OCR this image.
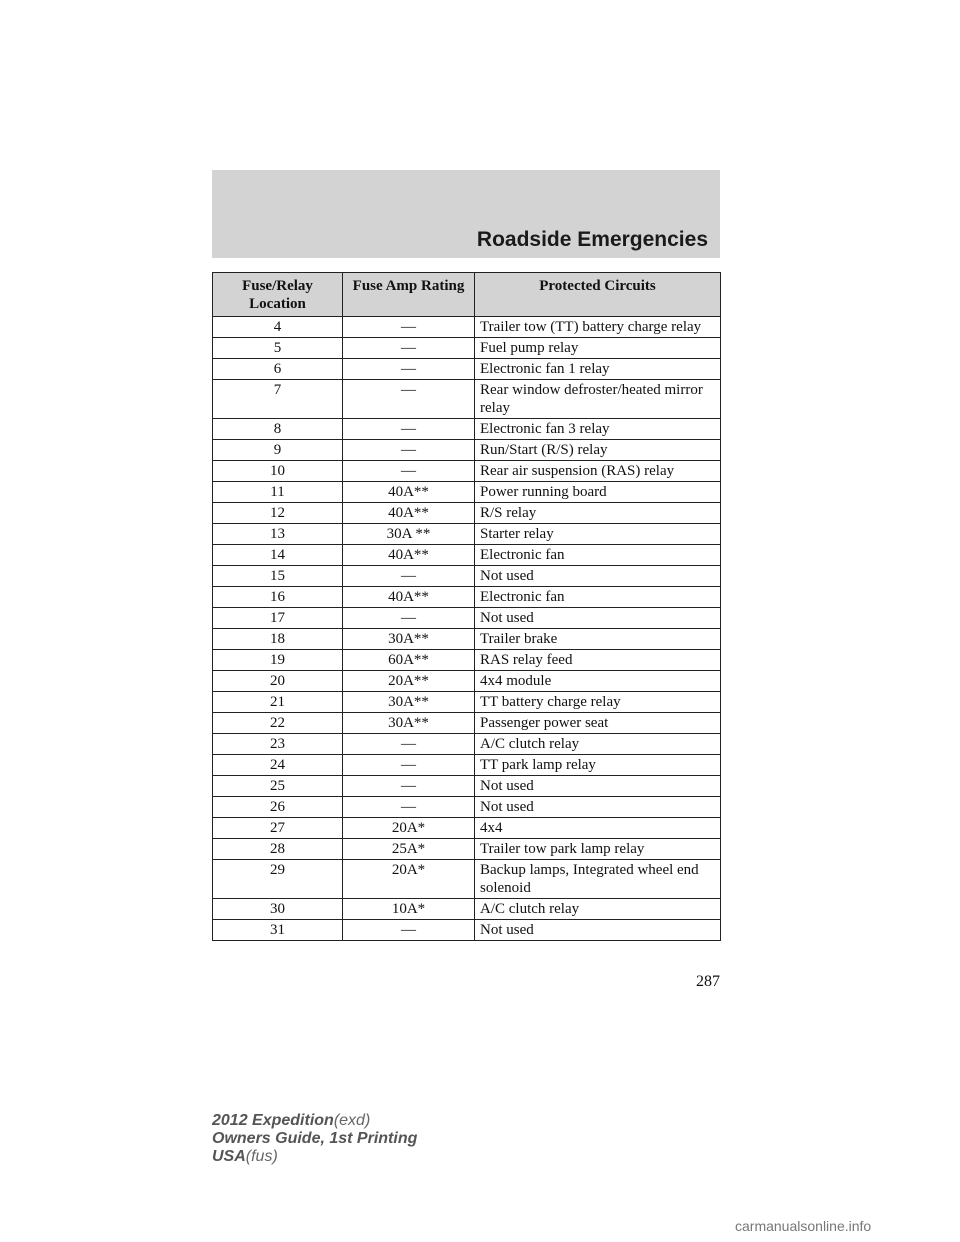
Roadside Emergencies
Fuse/Relay Location	Fuse Amp Rating	Protected Circuits
4	—	Trailer tow (TT) battery charge relay
5	—	Fuel pump relay
6	—	Electronic fan 1 relay
7	—	Rear window defroster/heated mirror relay
8	—	Electronic fan 3 relay
9	—	Run/Start (R/S) relay
10	—	Rear air suspension (RAS) relay
11	40A**	Power running board
12	40A**	R/S relay
13	30A **	Starter relay
14	40A**	Electronic fan
15	—	Not used
16	40A**	Electronic fan
17	—	Not used
18	30A**	Trailer brake
19	60A**	RAS relay feed
20	20A**	4x4 module
21	30A**	TT battery charge relay
22	30A**	Passenger power seat
23	—	A/C clutch relay
24	—	TT park lamp relay
25	—	Not used
26	—	Not used
27	20A*	4x4
28	25A*	Trailer tow park lamp relay
29	20A*	Backup lamps, Integrated wheel end solenoid
30	10A*	A/C clutch relay
31	—	Not used
287
2012 Expedition(exd)
Owners Guide, 1st Printing
USA(fus)
carmanualsonline.info
